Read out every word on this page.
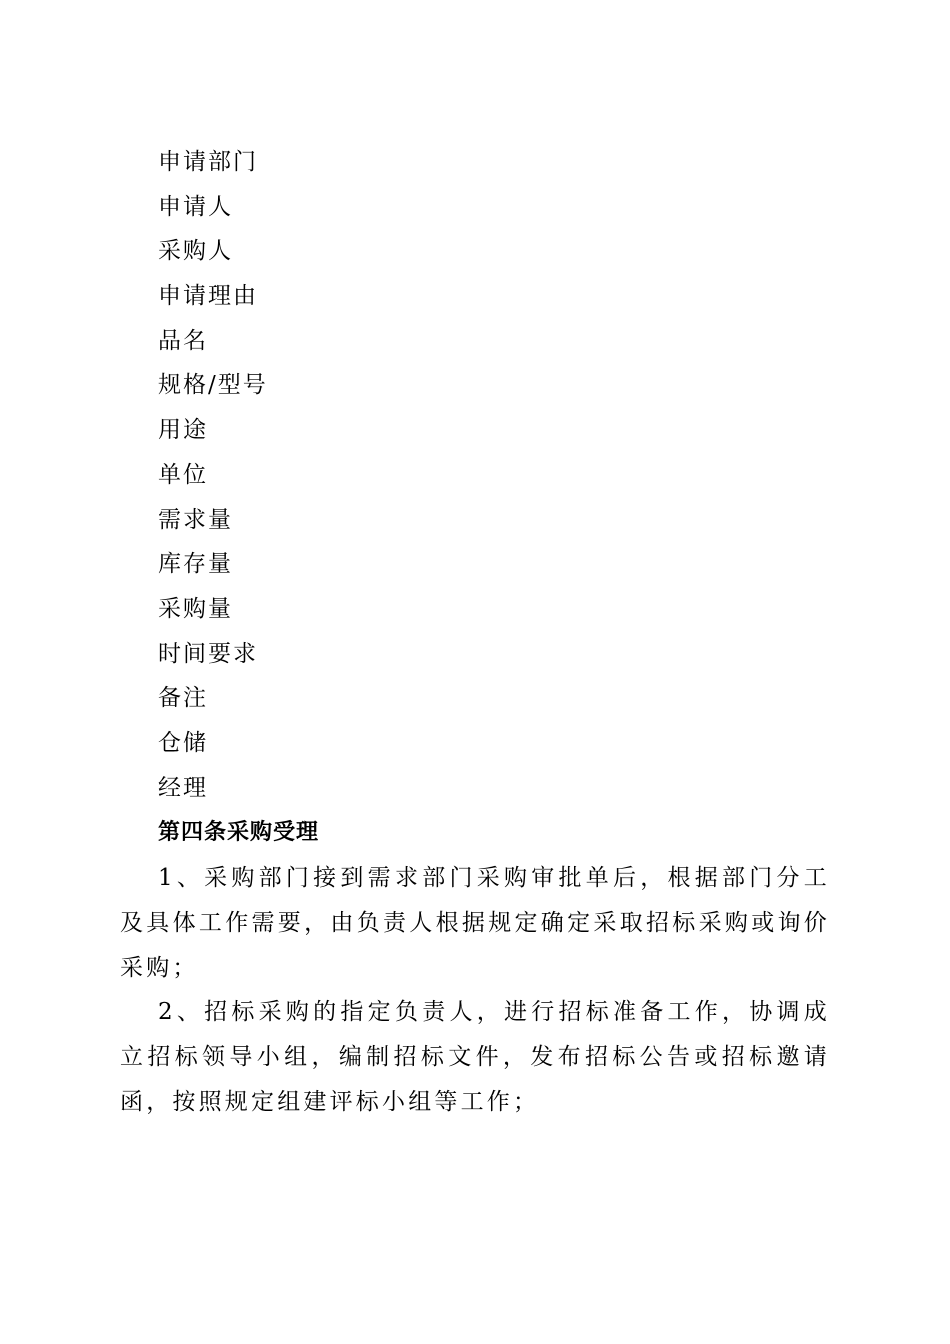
申请部门
申请人
采购人
申请理由
品名
规格/型号
用途
单位
需求量
库存量
采购量
时间要求
备注
仓储
经理
第四条采购受理

1、采购部门接到需求部门采购审批单后，根据部门分工及具体工作需要，由负责人根据规定确定采取招标采购或询价采购；

2、招标采购的指定负责人，进行招标准备工作，协调成立招标领导小组，编制招标文件，发布招标公告或招标邀请函，按照规定组建评标小组等工作；
